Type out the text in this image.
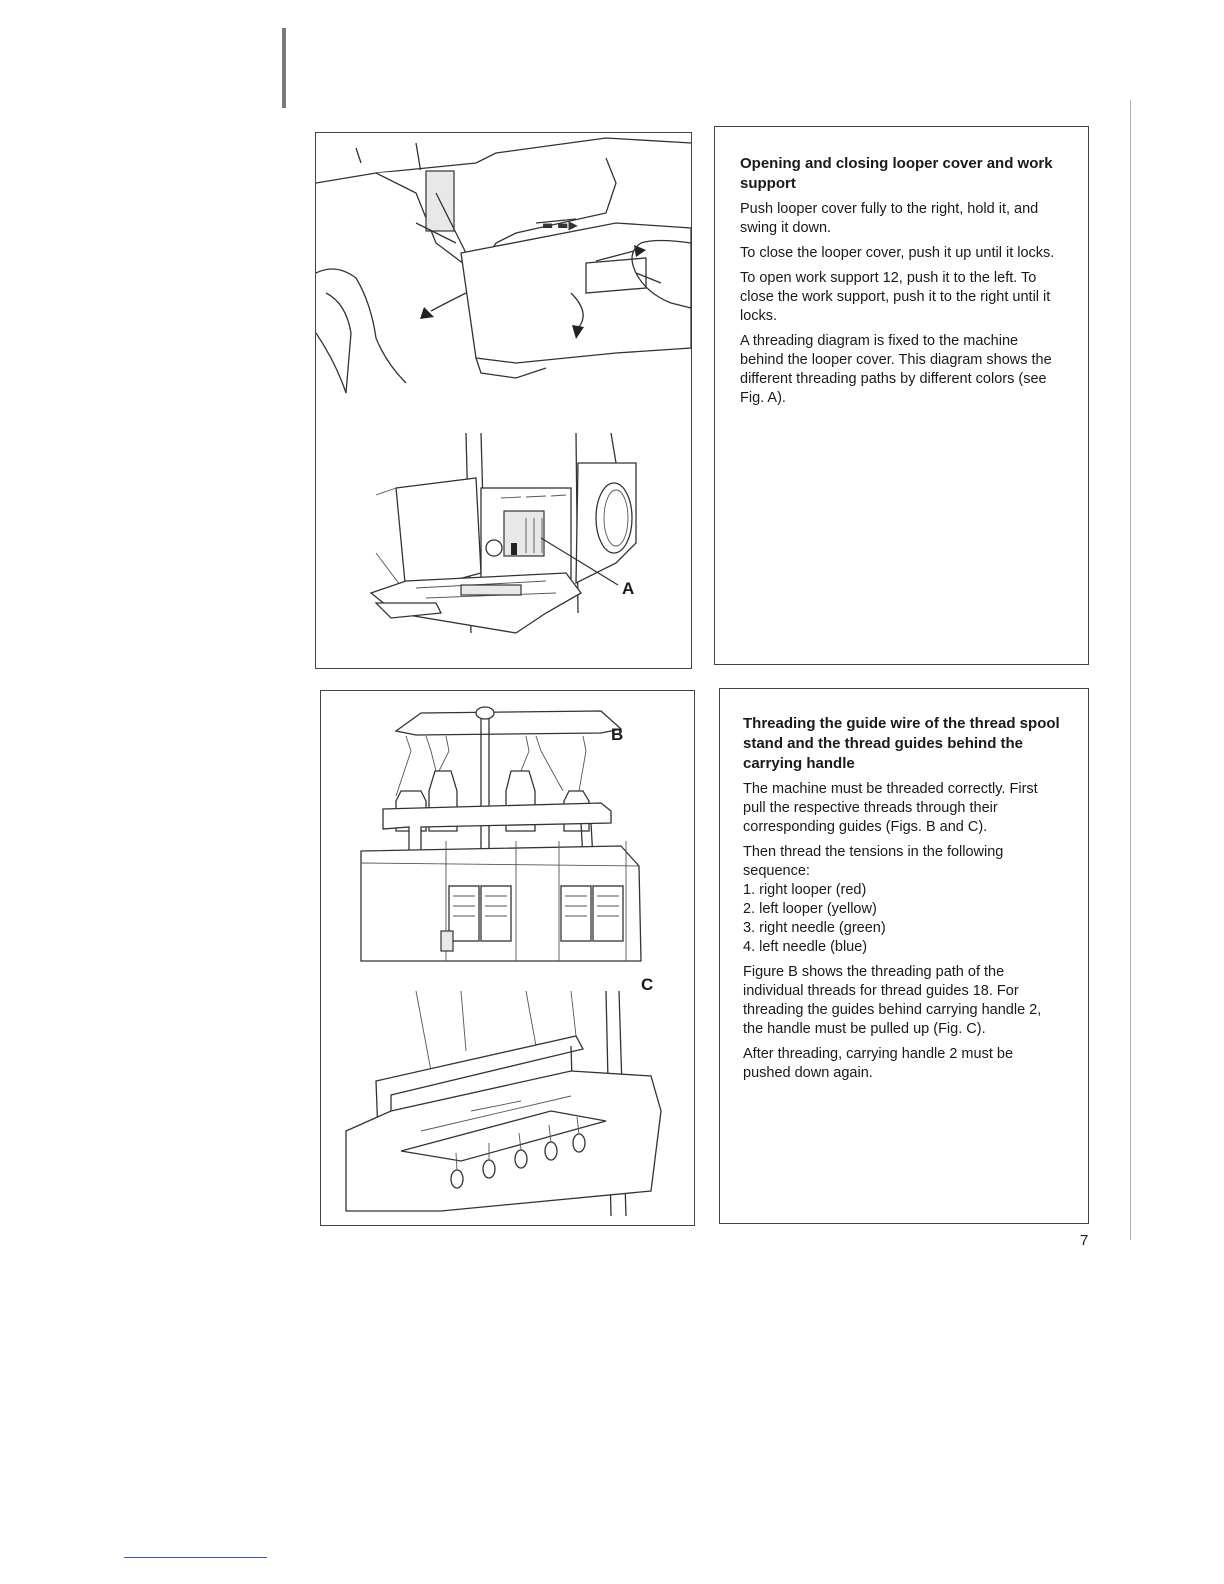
▬ ▬▶
A
Opening and closing looper cover and work support

Push looper cover fully to the right, hold it, and swing it down.

To close the looper cover, push it up until it locks.

To open work support 12, push it to the left. To close the work support, push it to the right until it locks.

A threading diagram is fixed to the machine behind the looper cover. This diagram shows the different threading paths by different colors (see Fig. A).

B
C
Threading the guide wire of the thread spool stand and the thread guides behind the carrying handle

The machine must be threaded correctly. First pull the respective threads through their corresponding guides (Figs. B and C).

Then thread the tensions in the following sequence:

1. right looper (red)
2. left looper (yellow)
3. right needle (green)
4. left needle (blue)

Figure B shows the threading path of the individual threads for thread guides 18. For threading the guides behind carrying handle 2, the handle must be pulled up (Fig. C).

After threading, carrying handle 2 must be pushed down again.

7
